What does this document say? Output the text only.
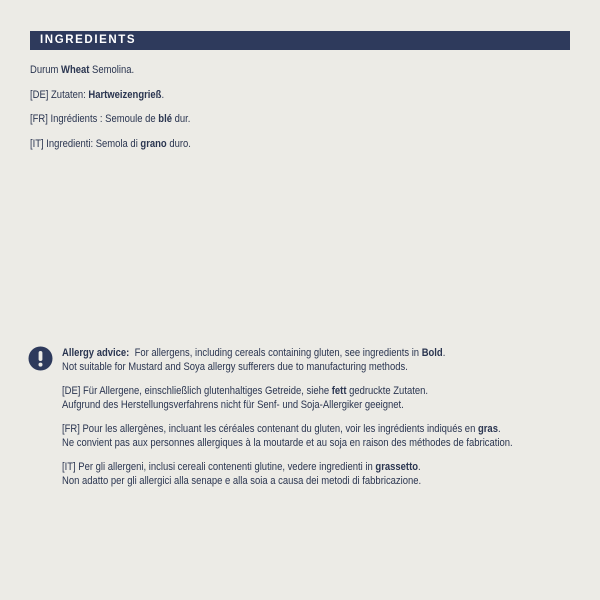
INGREDIENTS

Durum Wheat Semolina.

[DE] Zutaten: Hartweizengrieß.

[FR] Ingrédients : Semoule de blé dur.

[IT] Ingredienti: Semola di grano duro.

Allergy advice:  For allergens, including cereals containing gluten, see ingredients in Bold.
Not suitable for Mustard and Soya allergy sufferers due to manufacturing methods.
[DE] Für Allergene, einschließlich glutenhaltiges Getreide, siehe fett gedruckte Zutaten.
Aufgrund des Herstellungsverfahrens nicht für Senf- und Soja-Allergiker geeignet.
[FR] Pour les allergènes, incluant les céréales contenant du gluten, voir les ingrédients indiqués en gras.
Ne convient pas aux personnes allergiques à la moutarde et au soja en raison des méthodes de fabrication.
[IT] Per gli allergeni, inclusi cereali contenenti glutine, vedere ingredienti in grassetto.
Non adatto per gli allergici alla senape e alla soia a causa dei metodi di fabbricazione.
